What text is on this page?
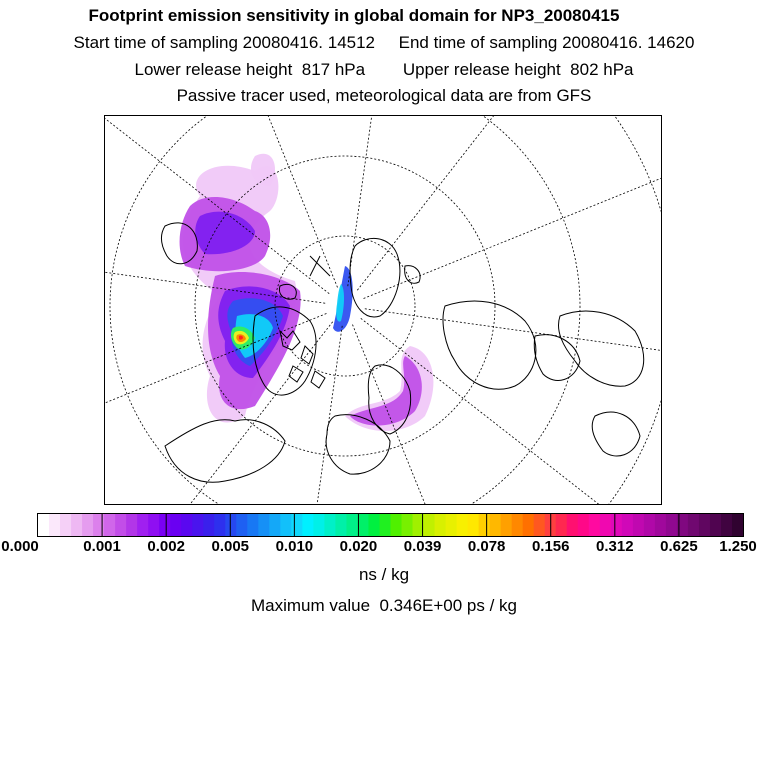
Footprint emission sensitivity in global domain for NP3_20080415
Start time of sampling 20080416. 14512     End time of sampling 20080416. 14620
Lower release height  817 hPa        Upper release height  802 hPa
Passive tracer used, meteorological data are from GFS
0.000	0.001 0.002 0.005 0.010 0.020 0.039 0.078 0.156 0.312 0.625 1.250
ns / kg
Maximum value  0.346E+00 ps / kg
